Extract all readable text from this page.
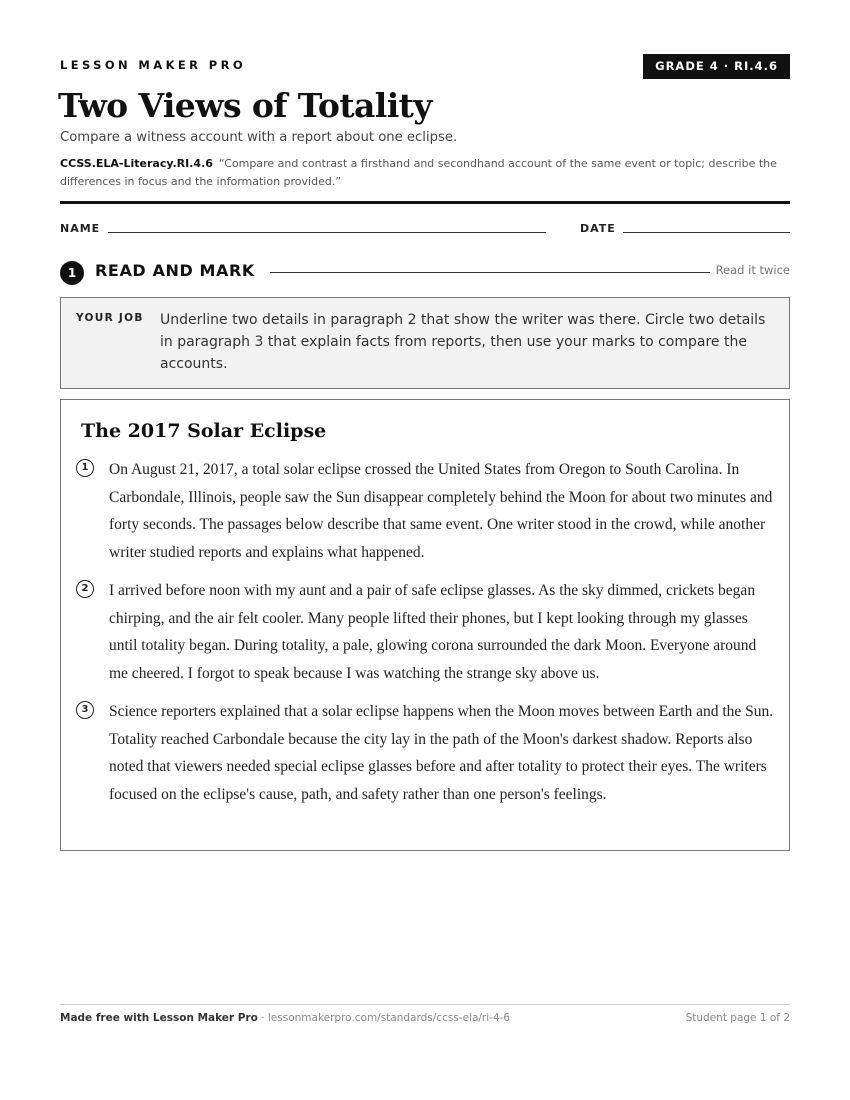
LESSON MAKER PRO	GRADE 4 · RI.4.6
Two Views of Totality
Compare a witness account with a report about one eclipse.
CCSS.ELA-Literacy.RI.4.6 “Compare and contrast a firsthand and secondhand account of the same event or topic; describe the differences in focus and the information provided.”
NAME	DATE
1	READ AND MARK	Read it twice
YOUR JOB Underline two details in paragraph 2 that show the writer was there. Circle two details in paragraph 3 that explain facts from reports, then use your marks to compare the accounts.
The 2017 Solar Eclipse
1	On August 21, 2017, a total solar eclipse crossed the United States from Oregon to South Carolina. In Carbondale, Illinois, people saw the Sun disappear completely behind the Moon for about two minutes and forty seconds. The passages below describe that same event. One writer stood in the crowd, while another writer studied reports and explains what happened.

2	I arrived before noon with my aunt and a pair of safe eclipse glasses. As the sky dimmed, crickets began chirping, and the air felt cooler. Many people lifted their phones, but I kept looking through my glasses until totality began. During totality, a pale, glowing corona surrounded the dark Moon. Everyone around me cheered. I forgot to speak because I was watching the strange sky above us.

3	Science reporters explained that a solar eclipse happens when the Moon moves between Earth and the Sun. Totality reached Carbondale because the city lay in the path of the Moon's darkest shadow. Reports also noted that viewers needed special eclipse glasses before and after totality to protect their eyes. The writers focused on the eclipse's cause, path, and safety rather than one person's feelings.

Made free with Lesson Maker Pro · lessonmakerpro.com/standards/ccss-ela/ri-4-6	Student page 1 of 2
